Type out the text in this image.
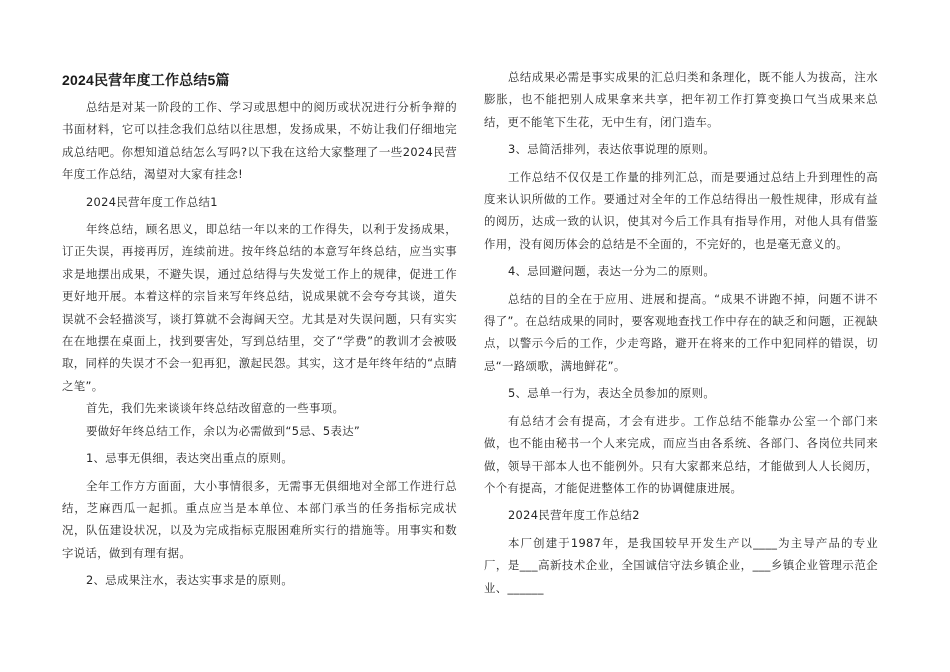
2024民营年度工作总结5篇

总结是对某一阶段的工作、学习或思想中的阅历或状况进行分析争辩的书面材料，它可以挂念我们总结以往思想，发扬成果，不妨让我们仔细地完成总结吧。你想知道总结怎么写吗?以下我在这给大家整理了一些2024民营年度工作总结，渴望对大家有挂念!

2024民营年度工作总结1

年终总结，顾名思义，即总结一年以来的工作得失，以利于发扬成果，订正失误，再接再厉，连续前进。按年终总结的本意写年终总结，应当实事求是地摆出成果，不避失误，通过总结得与失发觉工作上的规律，促进工作更好地开展。本着这样的宗旨来写年终总结，说成果就不会夸夸其谈，道失误就不会轻描淡写，谈打算就不会海阔天空。尤其是对失误问题，只有实实在在地摆在桌面上，找到要害处，写到总结里，交了“学费”的教训才会被吸取，同样的失误才不会一犯再犯，激起民怨。其实，这才是年终年结的“点睛之笔”。

首先，我们先来谈谈年终总结改留意的一些事项。

要做好年终总结工作，余以为必需做到“5忌、5表达”

1、忌事无俱细，表达突出重点的原则。

全年工作方方面面，大小事情很多，无需事无俱细地对全部工作进行总结，芝麻西瓜一起抓。重点应当是本单位、本部门承当的任务指标完成状况，队伍建设状况，以及为完成指标克服困难所实行的措施等。用事实和数字说话，做到有理有据。

2、忌成果注水，表达实事求是的原则。

总结成果必需是事实成果的汇总归类和条理化，既不能人为拔高，注水膨胀，也不能把别人成果拿来共享，把年初工作打算变换口气当成果来总结，更不能笔下生花，无中生有，闭门造车。

3、忌简活排列，表达依事说理的原则。

工作总结不仅仅是工作量的排列汇总，而是要通过总结上升到理性的高度来认识所做的工作。要通过对全年的工作总结得出一般性规律，形成有益的阅历，达成一致的认识，使其对今后工作具有指导作用，对他人具有借鉴作用，没有阅历体会的总结是不全面的，不完好的，也是毫无意义的。

4、忌回避问题，表达一分为二的原则。

总结的目的全在于应用、进展和提高。“成果不讲跑不掉，问题不讲不得了”。在总结成果的同时，要客观地查找工作中存在的缺乏和问题，正视缺点，以警示今后的工作，少走弯路，避开在将来的工作中犯同样的错误，切忌“一路颂歌，满地鲜花”。

5、忌单一行为，表达全员参加的原则。

有总结才会有提高，才会有进步。工作总结不能靠办公室一个部门来做，也不能由秘书一个人来完成，而应当由各系统、各部门、各岗位共同来做，领导干部本人也不能例外。只有大家都来总结，才能做到人人长阅历，个个有提高，才能促进整体工作的协调健康进展。

2024民营年度工作总结2

本厂创建于1987年，是我国较早开发生产以____为主导产品的专业厂，是___高新技术企业，全国诚信守法乡镇企业，___乡镇企业管理示范企业、______
